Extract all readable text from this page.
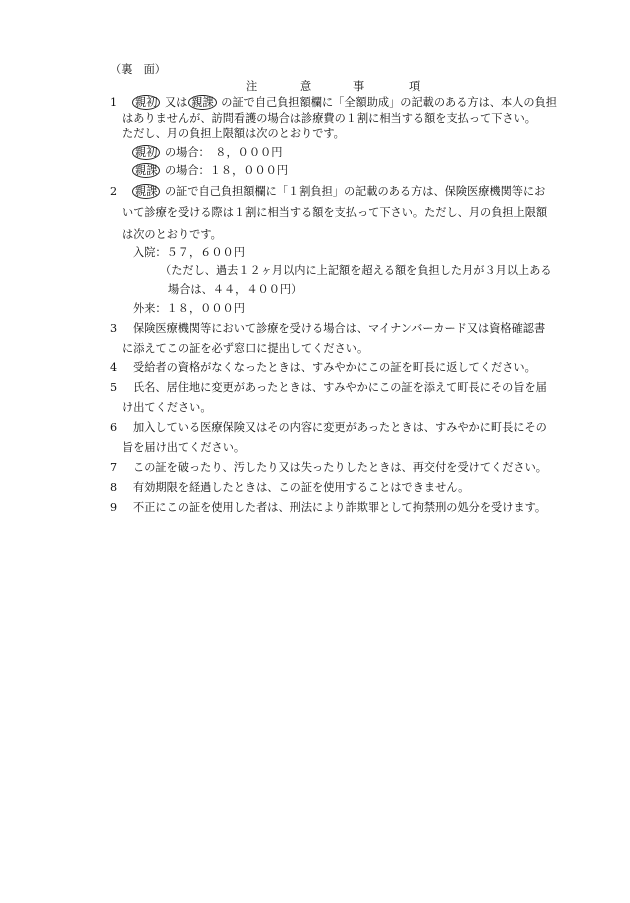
（裏　面）
注	意	事	項
1	親初 又は 親課 の証で自己負担額欄に「全額助成」の記載のある方は、本人の負担
はありませんが、訪問看護の場合は診療費の１割に相当する額を支払って下さい。
ただし、月の負担上限額は次のとおりです。
親初 の場合：　８，０００円
親課 の場合：１８，０００円
2	親課 の証で自己負担額欄に「１割負担」の記載のある方は、保険医療機関等にお
いて診療を受ける際は１割に相当する額を支払って下さい。ただし、月の負担上限額
は次のとおりです。
入院：５７，６００円
（ただし、過去１２ヶ月以内に上記額を超える額を負担した月が３月以上ある
場合は、４４，４００円）
外来：１８，０００円
3 保険医療機関等において診療を受ける場合は、マイナンバーカード又は資格確認書
に添えてこの証を必ず窓口に提出してください。
4 受給者の資格がなくなったときは、すみやかにこの証を町長に返してください。
5 氏名、居住地に変更があったときは、すみやかにこの証を添えて町長にその旨を届
け出てください。
6 加入している医療保険又はその内容に変更があったときは、すみやかに町長にその
旨を届け出てください。
7 この証を破ったり、汚したり又は失ったりしたときは、再交付を受けてください。
8 有効期限を経過したときは、この証を使用することはできません。
9 不正にこの証を使用した者は、刑法により詐欺罪として拘禁刑の処分を受けます。
